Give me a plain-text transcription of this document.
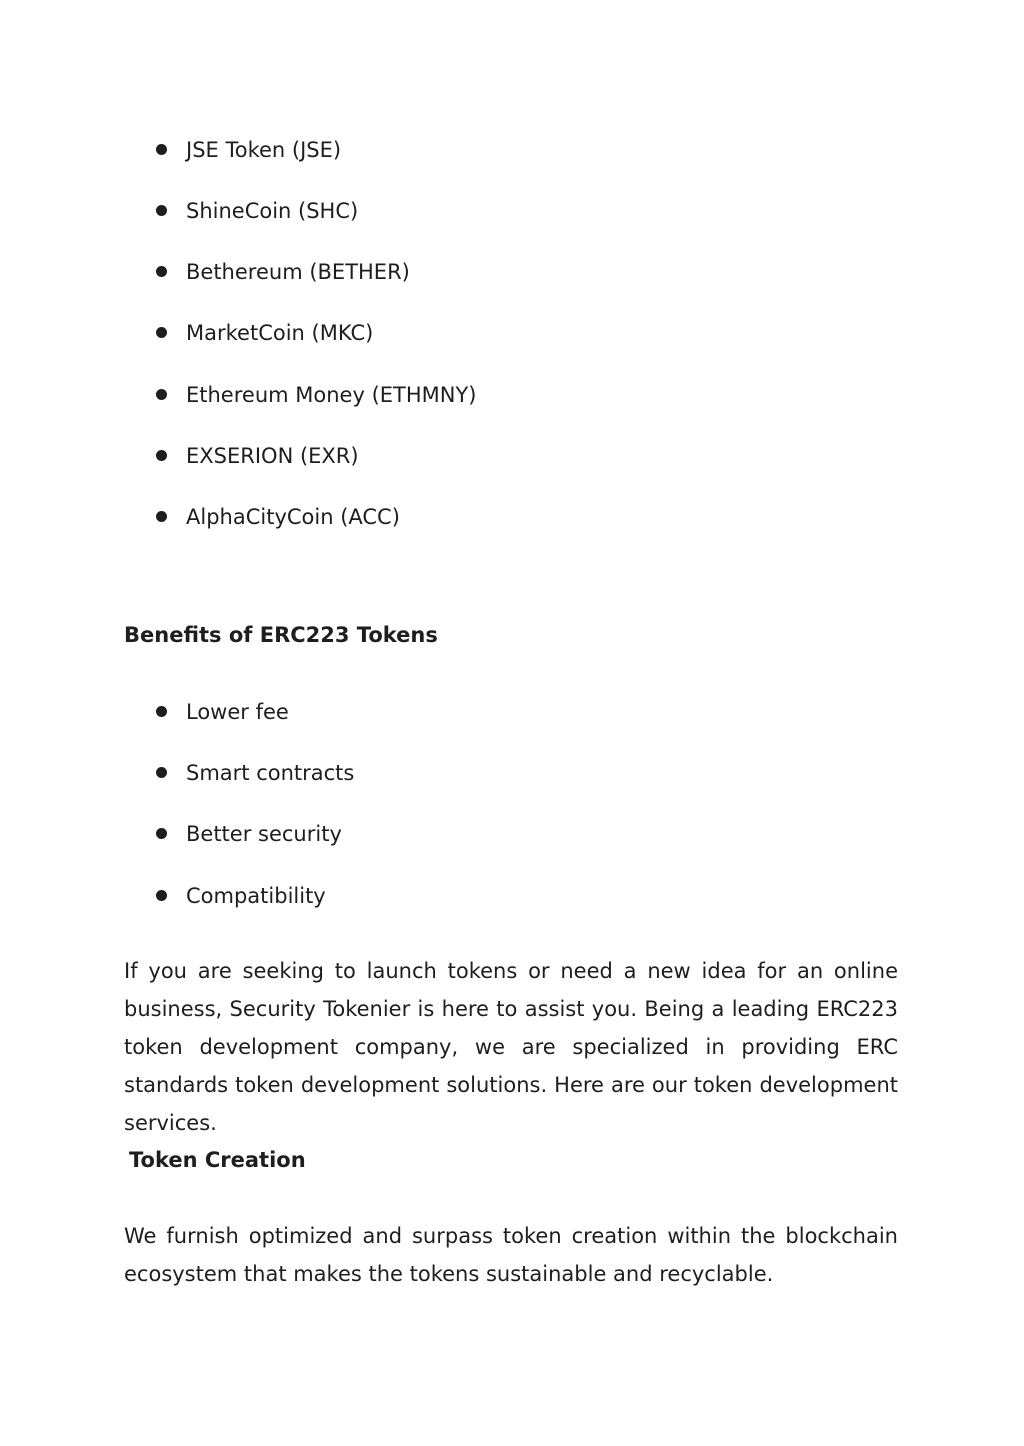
JSE Token (JSE)
ShineCoin (SHC)
Bethereum (BETHER)
MarketCoin (MKC)
Ethereum Money (ETHMNY)
EXSERION (EXR)
AlphaCityCoin (ACC)
Benefits of ERC223 Tokens
Lower fee
Smart contracts
Better security
Compatibility

If you are seeking to launch tokens or need a new idea for an online business, Security Tokenier is here to assist you. Being a leading ERC223 token development company, we are specialized in providing ERC standards token development solutions. Here are our token development services.

Token Creation

We furnish optimized and surpass token creation within the blockchain ecosystem that makes the tokens sustainable and recyclable.
